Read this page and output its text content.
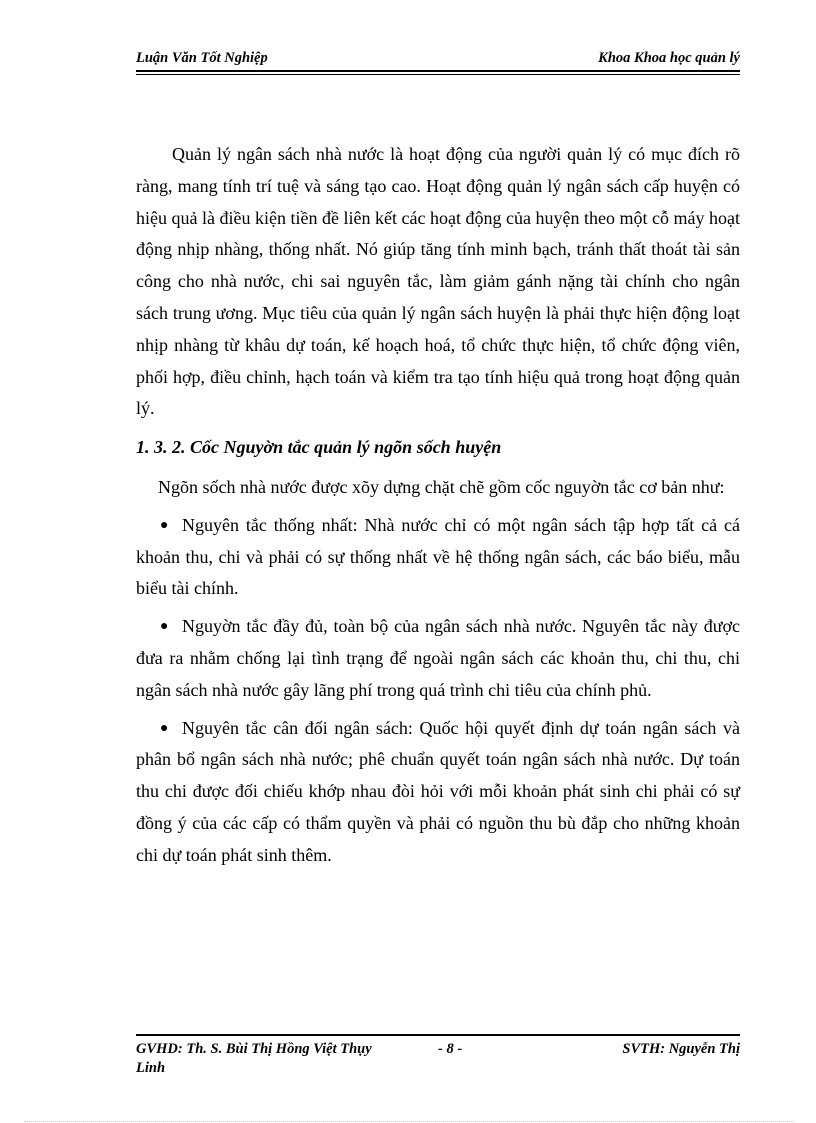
Luận Văn Tốt Nghiệp	Khoa Khoa học quản lý

Quản lý ngân sách nhà nước là hoạt động của người quản lý có mục đích rõ ràng, mang tính trí tuệ và sáng tạo cao. Hoạt động quản lý ngân sách cấp huyện có hiệu quả là điều kiện tiền đề liên kết các hoạt động của huyện theo một cỗ máy hoạt động nhịp nhàng, thống nhất. Nó giúp tăng tính minh bạch, tránh thất thoát tài sản công cho nhà nước, chi sai nguyên tắc, làm giảm gánh nặng tài chính cho ngân sách trung ương. Mục tiêu của quản lý ngân sách huyện là phải thực hiện động loạt nhịp nhàng từ khâu dự toán, kế hoạch hoá, tổ chức thực hiện, tổ chức động viên, phối hợp, điều chỉnh, hạch toán và kiểm tra tạo tính hiệu quả trong hoạt động quản lý.

1. 3. 2. Cốc Nguyờn tắc quản lý ngõn sốch huyện

Ngõn sốch nhà nước được xõy dựng chặt chẽ gồm cốc nguyờn tắc cơ bản như:

● Nguyên tắc thống nhất: Nhà nước chỉ có một ngân sách tập hợp tất cả cá khoản thu, chi và phải có sự thống nhất về hệ thống ngân sách, các báo biểu, mẫu biểu tài chính.

● Nguyờn tắc đầy đủ, toàn bộ của ngân sách nhà nước. Nguyên tắc này được đưa ra nhằm chống lại tình trạng để ngoài ngân sách các khoản thu, chi thu, chi ngân sách nhà nước gây lãng phí trong quá trình chi tiêu của chính phủ.

● Nguyên tắc cân đối ngân sách: Quốc hội quyết định dự toán ngân sách và phân bổ ngân sách nhà nước; phê chuẩn quyết toán ngân sách nhà nước. Dự toán thu chi được đối chiếu khớp nhau đòi hỏi với mỗi khoản phát sinh chi phải có sự đồng ý của các cấp có thẩm quyền và phải có nguồn thu bù đắp cho những khoản chi dự toán phát sinh thêm.

GVHD: Th. S. Bùi Thị Hồng Việt Thụy Linh
- 8 -	SVTH: Nguyễn Thị
